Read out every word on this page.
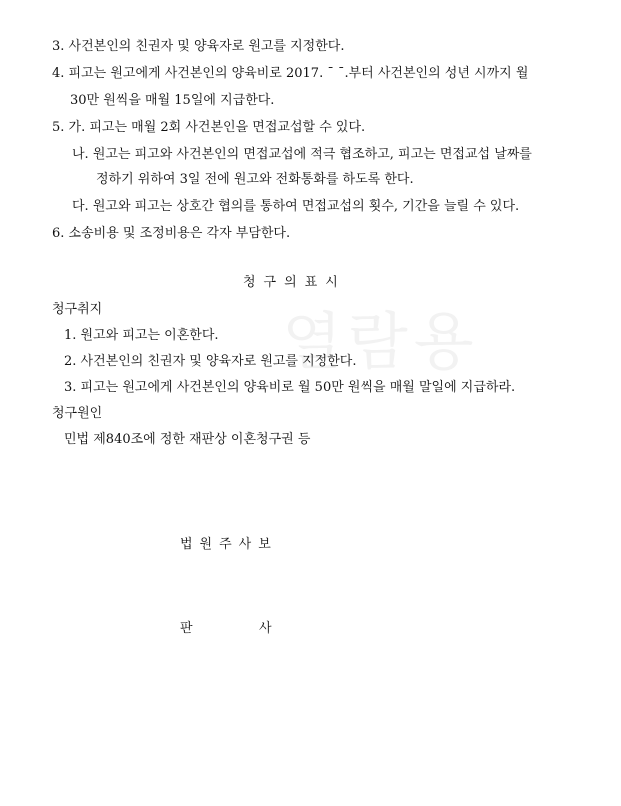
열람용
3. 사건본인의 친권자 및 양육자로 원고를 지정한다.
4. 피고는 원고에게 사건본인의 양육비로 2017. ˉ ˉ.부터 사건본인의 성년 시까지 월
30만 원씩을 매월 15일에 지급한다.
5. 가. 피고는 매월 2회 사건본인을 면접교섭할 수 있다.
나. 원고는 피고와 사건본인의 면접교섭에 적극 협조하고, 피고는 면접교섭 날짜를
정하기 위하여 3일 전에 원고와 전화통화를 하도록 한다.
다. 원고와 피고는 상호간 협의를 통하여 면접교섭의 횟수, 기간을 늘릴 수 있다.
6. 소송비용 및 조정비용은 각자 부담한다.
청구의표시
청구취지
1. 원고와 피고는 이혼한다.
2. 사건본인의 친권자 및 양육자로 원고를 지정한다.
3. 피고는 원고에게 사건본인의 양육비로 월 50만 원씩을 매월 말일에 지급하라.
청구원인
민법 제840조에 정한 재판상 이혼청구권 등
법원주사보
판	사
